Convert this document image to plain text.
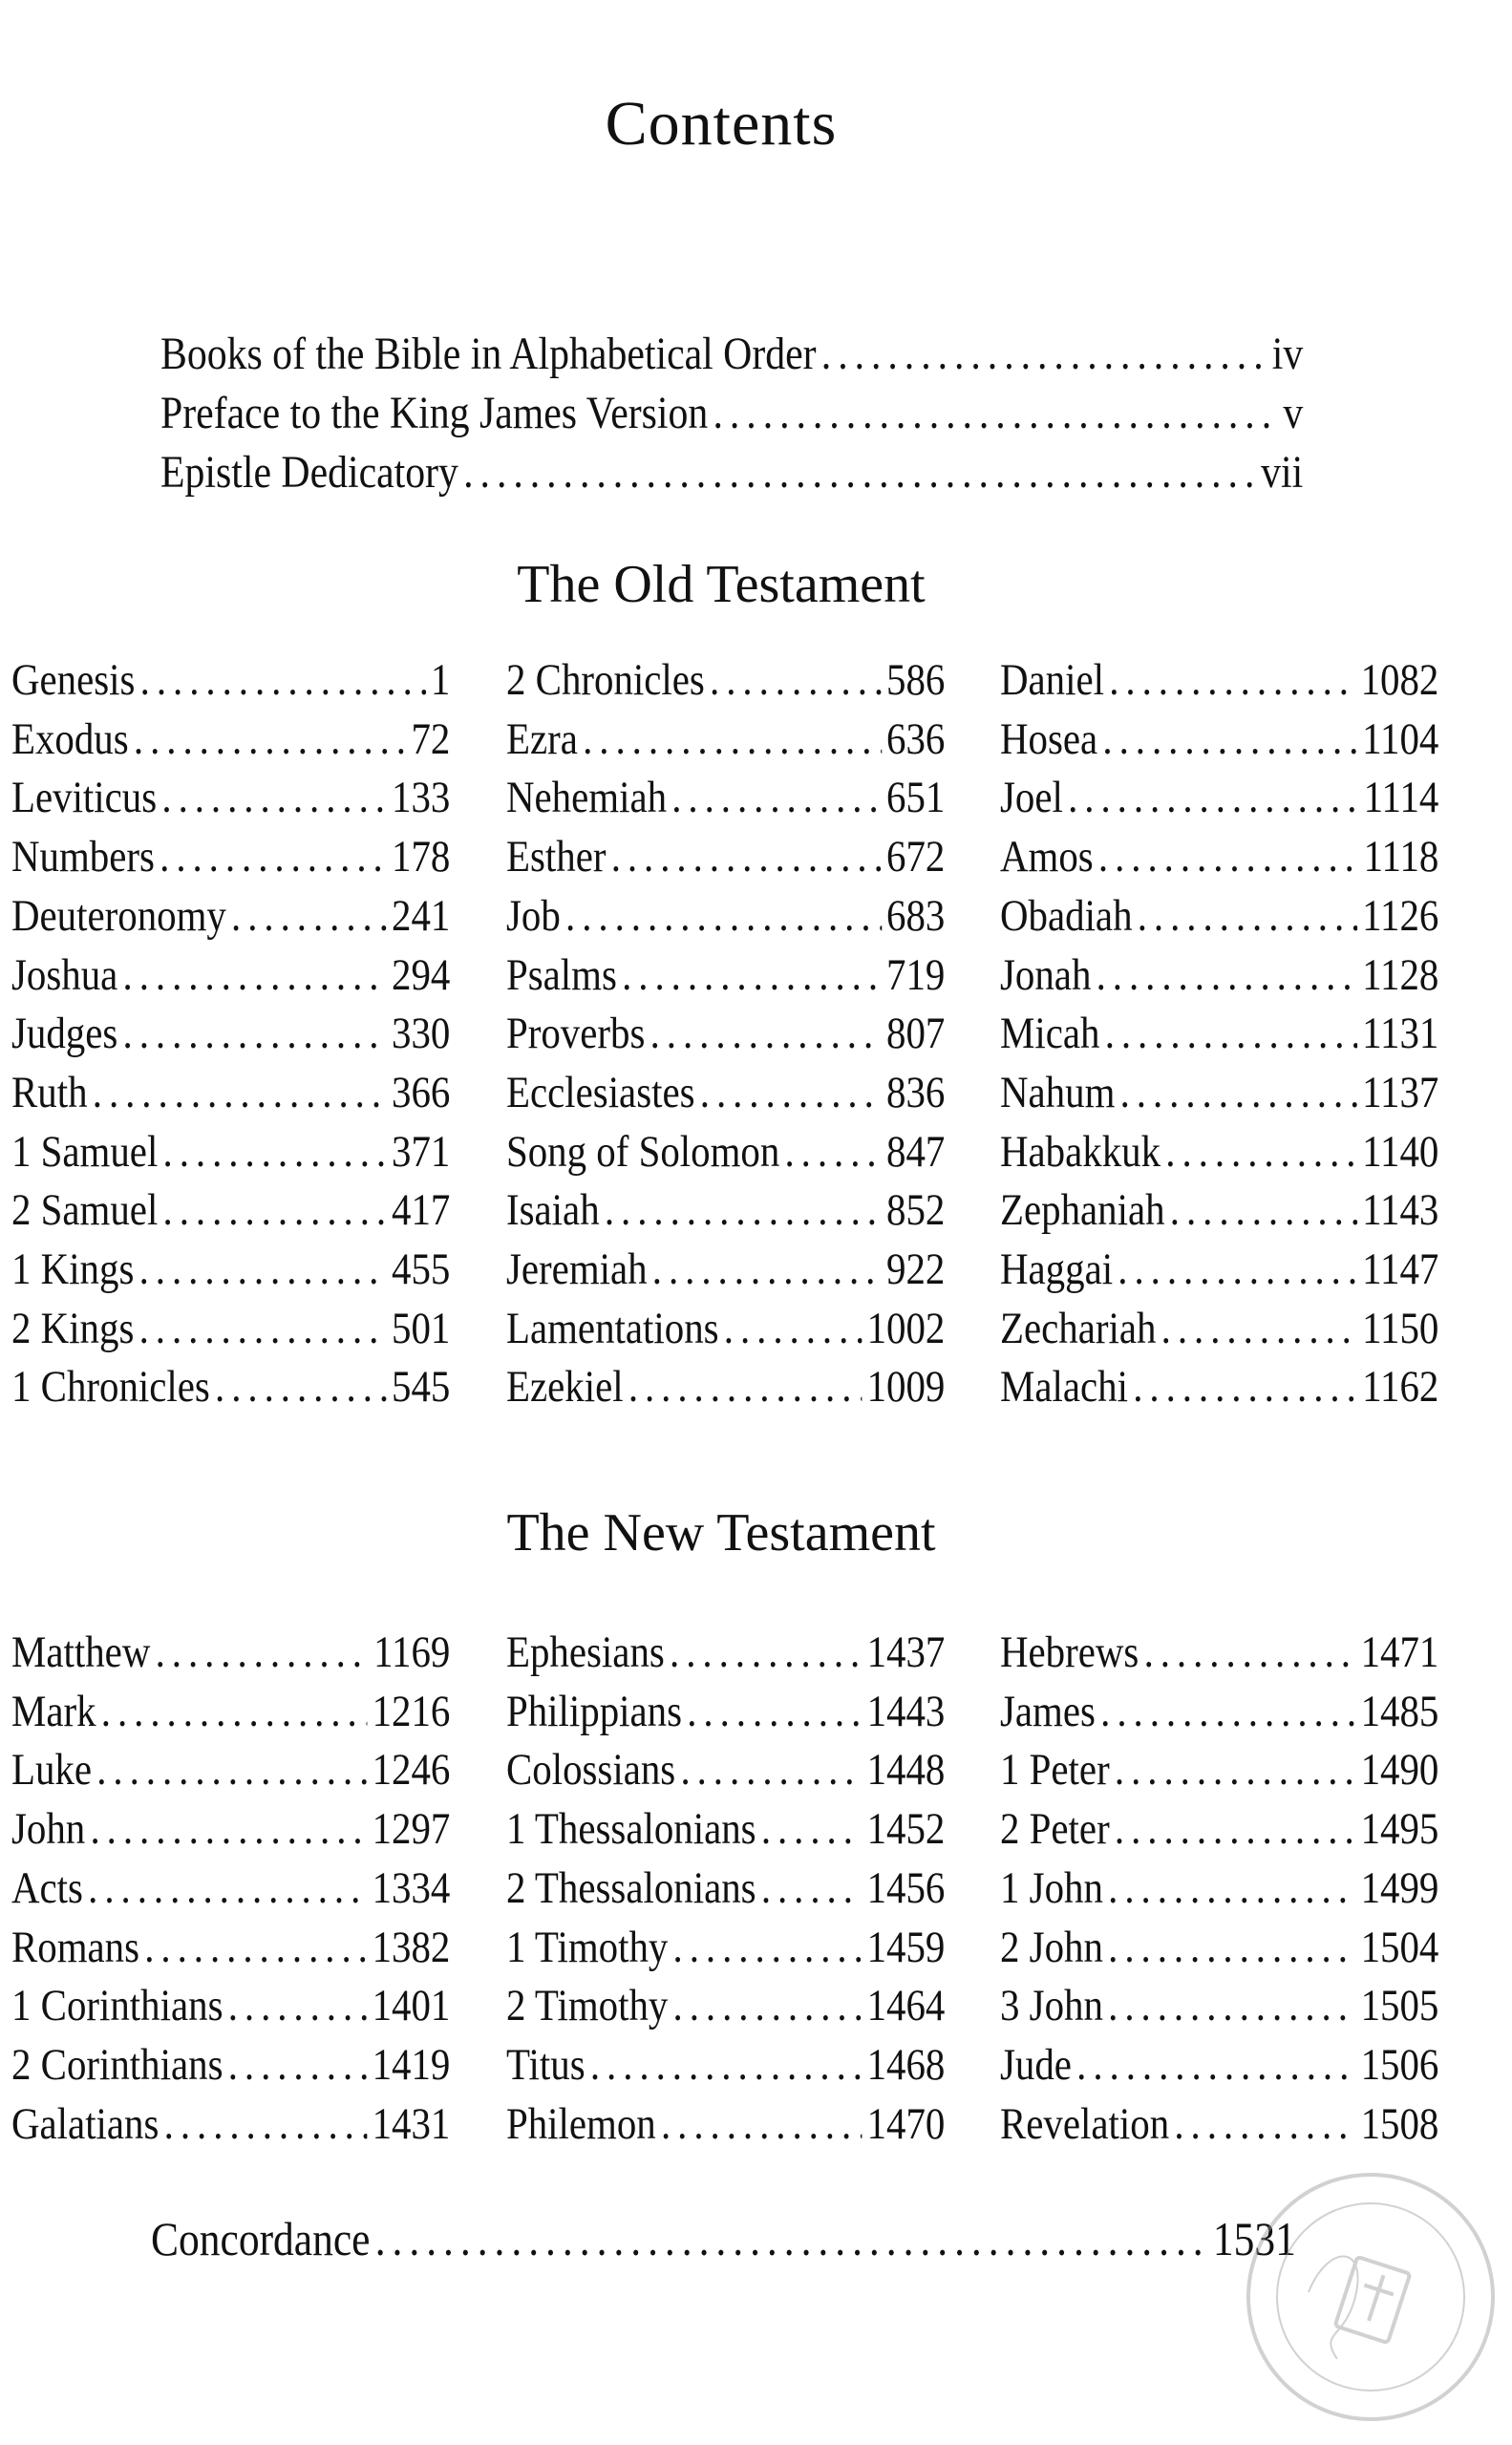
Contents
Books of the Bible in Alphabetical Order .....	iv
Preface to the King James Version .....	v
Epistle Dedicatory .....	vii
The Old Testament
Genesis .....	1
Exodus .....	72
Leviticus .....	133
Numbers .....	178
Deuteronomy .....	241
Joshua .....	294
Judges .....	330
Ruth .....	366
1 Samuel .....	371
2 Samuel .....	417
1 Kings .....	455
2 Kings .....	501
1 Chronicles .....	545
2 Chronicles .....	586
Ezra .....	636
Nehemiah .....	651
Esther .....	672
Job .....	683
Psalms .....	719
Proverbs .....	807
Ecclesiastes .....	836
Song of Solomon ..... 847
Isaiah .....	852
Jeremiah .....	922
Lamentations .....	1002
Ezekiel .....	1009
Daniel .....	1082
Hosea .....	1104
Joel .....	1114
Amos .....	1118
Obadiah .....	1126
Jonah .....	1128
Micah .....	1131
Nahum .....	1137
Habakkuk .....	1140
Zephaniah .....	1143
Haggai .....	1147
Zechariah .....	1150
Malachi .....	1162
The New Testament
Matthew .....	1169
Mark .....	1216
Luke .....	1246
John .....	1297
Acts .....	1334
Romans .....	1382
1 Corinthians .....	1401
2 Corinthians .....	1419
Galatians .....	1431
Ephesians .....	1437
Philippians .....	1443
Colossians .....	1448
1 Thessalonians ..... 1452
2 Thessalonians ..... 1456
1 Timothy .....	1459
2 Timothy .....	1464
Titus .....	1468
Philemon .....	1470
Hebrews .....	1471
James .....	1485
1 Peter .....	1490
2 Peter .....	1495
1 John .....	1499
2 John .....	1504
3 John .....	1505
Jude .....	1506
Revelation .....	1508
Concordance .....	1531
